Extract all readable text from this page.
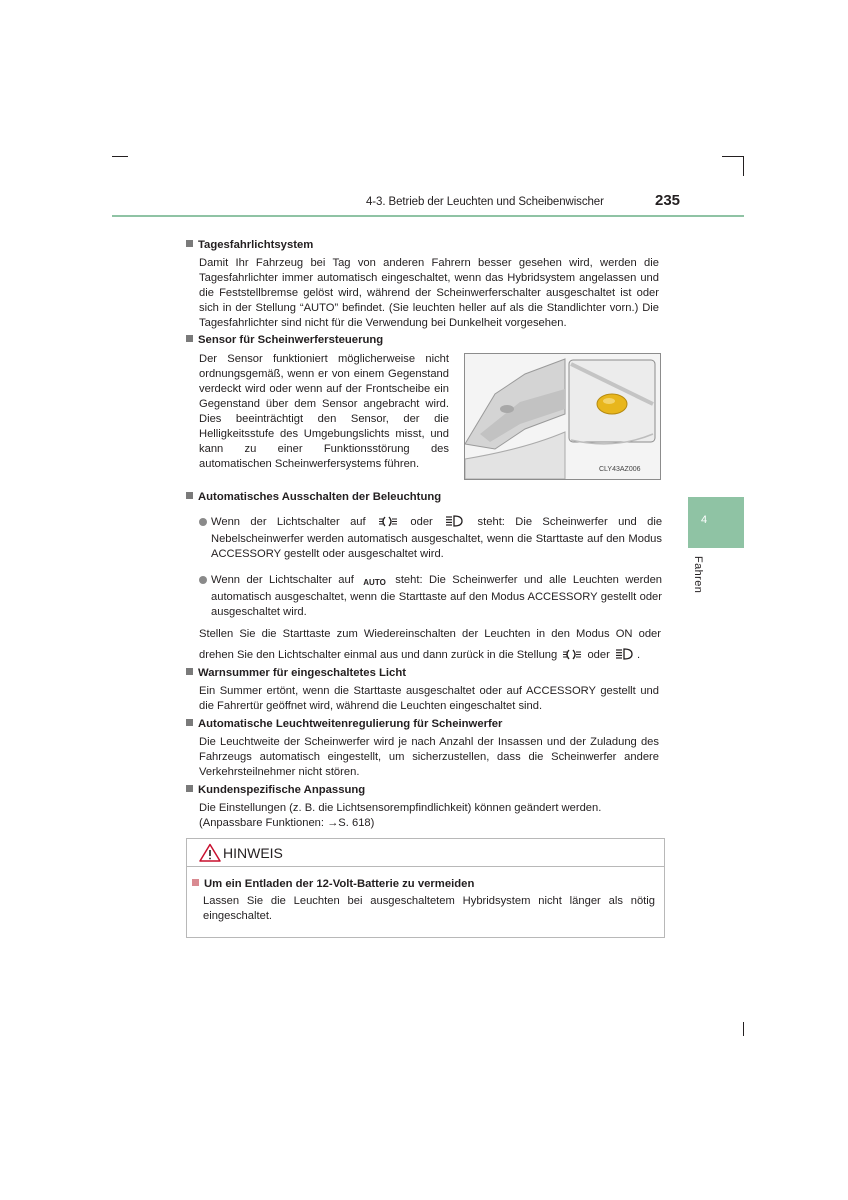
4-3. Betrieb der Leuchten und Scheibenwischer	235
4
Fahren
Tagesfahrlichtsystem
Damit Ihr Fahrzeug bei Tag von anderen Fahrern besser gesehen wird, werden die Tagesfahrlichter immer automatisch eingeschaltet, wenn das Hybridsystem angelassen und die Feststellbremse gelöst wird, während der Scheinwerferschalter ausgeschaltet ist oder sich in der Stellung “AUTO” befindet. (Sie leuchten heller auf als die Standlichter vorn.) Die Tagesfahrlichter sind nicht für die Verwendung bei Dunkelheit vorgesehen.
Sensor für Scheinwerfersteuerung
Der Sensor funktioniert möglicherweise nicht ordnungsgemäß, wenn er von einem Gegenstand verdeckt wird oder wenn auf der Frontscheibe ein Gegenstand über dem Sensor angebracht wird. Dies beeinträchtigt den Sensor, der die Helligkeitsstufe des Umgebungslichts misst, und kann zu einer Funktionsstörung des automatischen Scheinwerfersystems führen.	CLY43AZ006
Automatisches Ausschalten der Beleuchtung
Wenn der Lichtschalter auf	oder	steht: Die Scheinwerfer und die Nebelscheinwerfer werden automatisch ausgeschaltet, wenn die Starttaste auf den Modus ACCESSORY gestellt oder ausgeschaltet wird.
Wenn der Lichtschalter auf AUTO steht: Die Scheinwerfer und alle Leuchten werden automatisch ausgeschaltet, wenn die Starttaste auf den Modus ACCESSORY gestellt oder ausgeschaltet wird.
Stellen Sie die Starttaste zum Wiedereinschalten der Leuchten in den Modus ON oder drehen Sie den Lichtschalter einmal aus und dann zurück in die Stellung	oder .
Warnsummer für eingeschaltetes Licht
Ein Summer ertönt, wenn die Starttaste ausgeschaltet oder auf ACCESSORY gestellt und die Fahrertür geöffnet wird, während die Leuchten eingeschaltet sind.
Automatische Leuchtweitenregulierung für Scheinwerfer
Die Leuchtweite der Scheinwerfer wird je nach Anzahl der Insassen und der Zuladung des Fahrzeugs automatisch eingestellt, um sicherzustellen, dass die Scheinwerfer andere Verkehrsteilnehmer nicht stören.
Kundenspezifische Anpassung
Die Einstellungen (z. B. die Lichtsensorempfindlichkeit) können geändert werden.
(Anpassbare Funktionen: →S. 618)
HINWEIS
Um ein Entladen der 12-Volt-Batterie zu vermeiden
Lassen Sie die Leuchten bei ausgeschaltetem Hybridsystem nicht länger als nötig eingeschaltet.
